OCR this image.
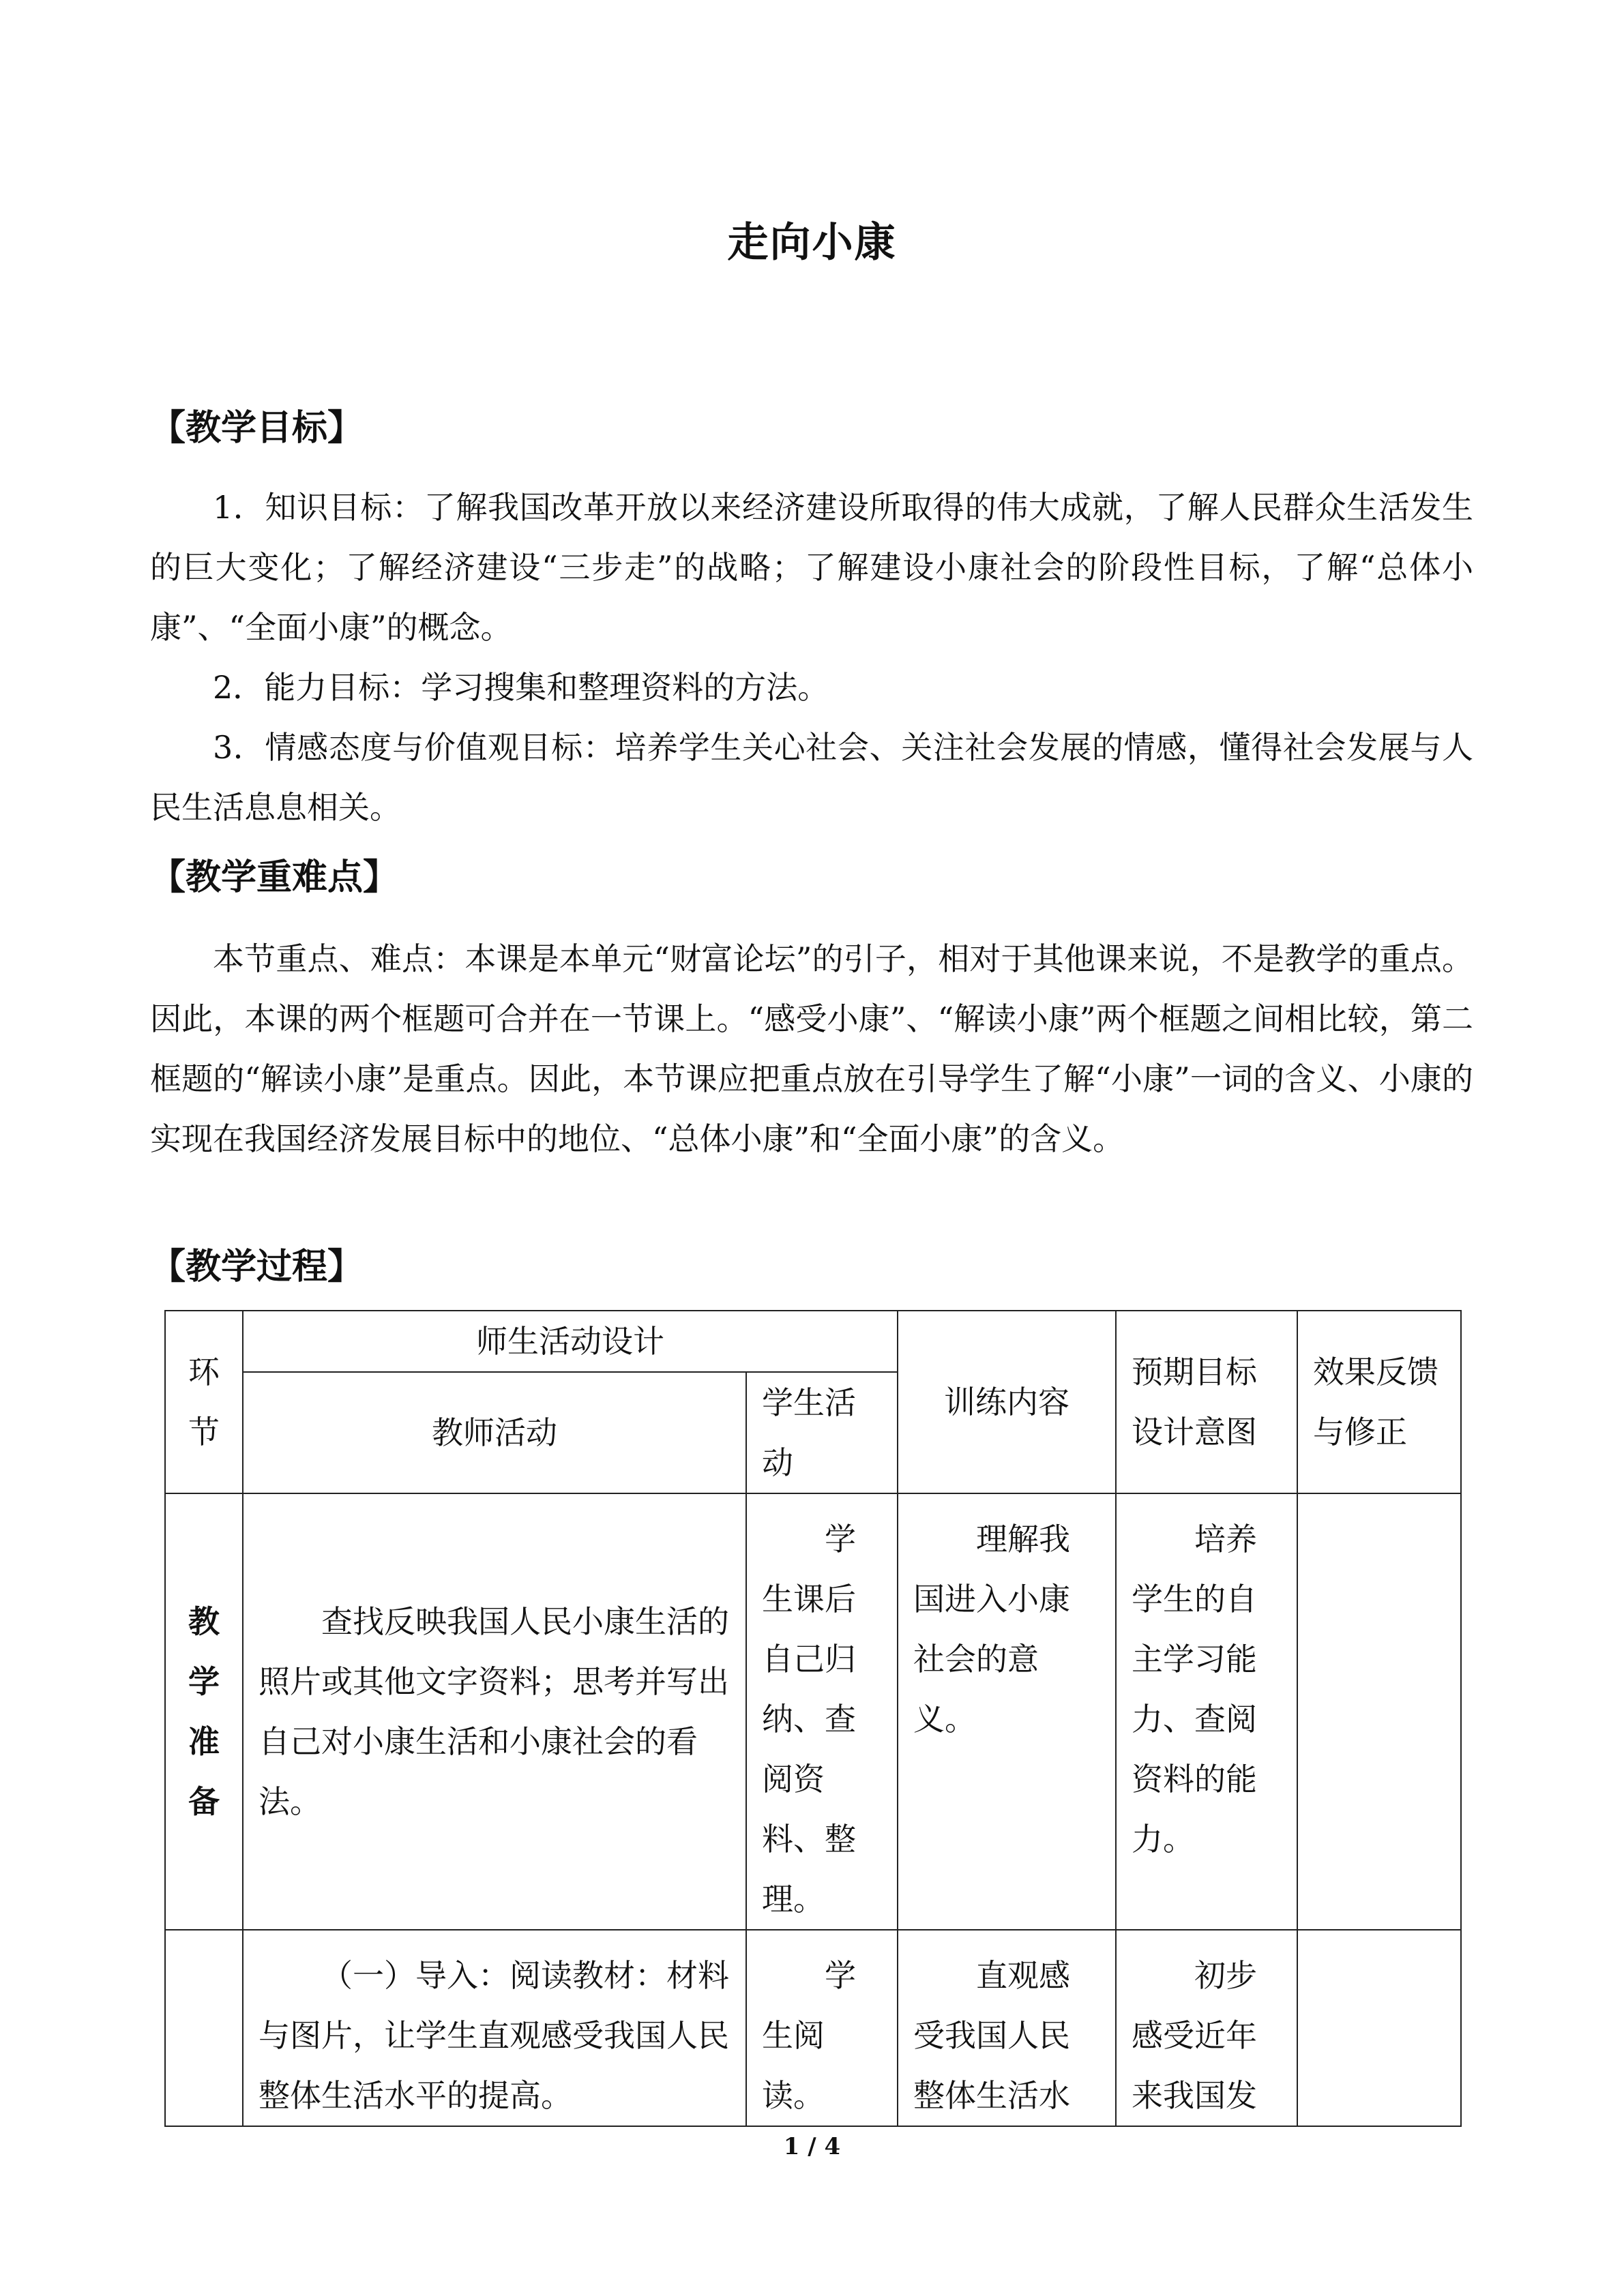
走向小康
【教学目标】

1．知识目标：了解我国改革开放以来经济建设所取得的伟大成就，了解人民群众生活发生的巨大变化；了解经济建设“三步走”的战略；了解建设小康社会的阶段性目标，了解“总体小康”、“全面小康”的概念。

2．能力目标：学习搜集和整理资料的方法。

3．情感态度与价值观目标：培养学生关心社会、关注社会发展的情感，懂得社会发展与人民生活息息相关。

【教学重难点】

本节重点、难点：本课是本单元“财富论坛”的引子，相对于其他课来说，不是教学的重点。因此，本课的两个框题可合并在一节课上。“感受小康”、“解读小康”两个框题之间相比较，第二框题的“解读小康”是重点。因此，本节课应把重点放在引导学生了解“小康”一词的含义、小康的实现在我国经济发展目标中的地位、“总体小康”和“全面小康”的含义。

【教学过程】
环节	师生活动设计		训练内容	预期目标设计意图	效果反馈与修正
	教师活动	学生活动			
教学准备	查找反映我国人民小康生活的照片或其他文字资料；思考并写出自己对小康生活和小康社会的看法。	学生课后自己归纳、查阅资料、整理。	理解我国进入小康社会的意义。	培养学生的自主学习能力、查阅资料的能力。	
	（一）导入：阅读教材：材料与图片，让学生直观感受我国人民整体生活水平的提高。	学生阅读。	直观感受我国人民整体生活水	初步感受近年来我国发	
1 / 4
